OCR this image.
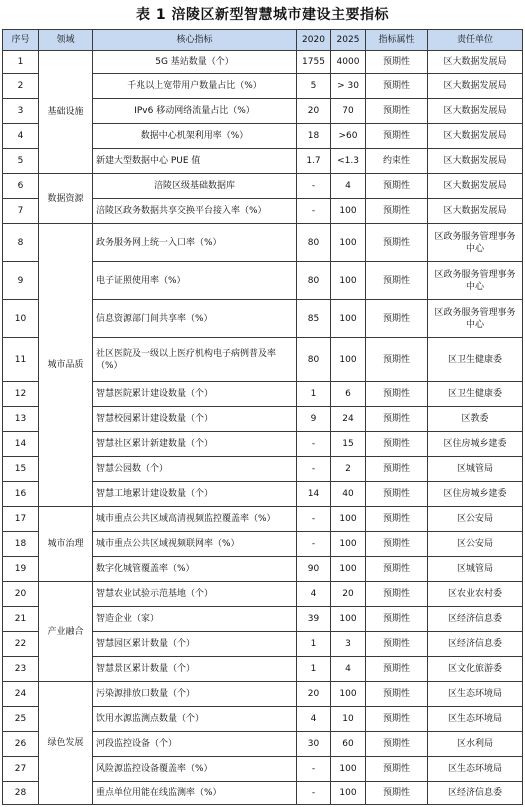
表 1 涪陵区新型智慧城市建设主要指标
序号	领域	核心指标	2020	2025	指标属性	责任单位
1	基础设施	5G 基站数量（个）	1755	4000	预期性	区大数据发展局
2		千兆以上宽带用户数量占比（%）	5	> 30	预期性	区大数据发展局
3		IPv6 移动网络流量占比（%）	20	70	预期性	区大数据发展局
4		数据中心机架利用率（%）	18	>60	预期性	区大数据发展局
5		新建大型数据中心 PUE 值	1.7	<1.3	约束性	区大数据发展局
6	数据资源	涪陵区级基础数据库	-	4	预期性	区大数据发展局
7		涪陵区政务数据共享交换平台接入率（%）	-	100	预期性	区大数据发展局
8	城市品质	政务服务网上统一入口率（%）	80	100	预期性	区政务服务管理事务中心
9		电子证照使用率（%）	80	100	预期性	区政务服务管理事务中心
10		信息资源部门间共享率（%）	85	100	预期性	区政务服务管理事务中心
11		社区医院及一级以上医疗机构电子病例普及率（%）	80	100	预期性	区卫生健康委
12		智慧医院累计建设数量（个）	1	6	预期性	区卫生健康委
13		智慧校园累计建设数量（个）	9	24	预期性	区教委
14		智慧社区累计新建数量（个）	-	15	预期性	区住房城乡建委
15		智慧公园数（个）	-	2	预期性	区城管局
16		智慧工地累计建设数量（个）	14	40	预期性	区住房城乡建委
17	城市治理	城市重点公共区域高清视频监控覆盖率（%）	-	100	预期性	区公安局
18		城市重点公共区域视频联网率（%）	-	100	预期性	区公安局
19		数字化城管覆盖率（%）	90	100	预期性	区城管局
20	产业融合	智慧农业试验示范基地（个）	4	20	预期性	区农业农村委
21		智造企业（家）	39	100	预期性	区经济信息委
22		智慧园区累计数量（个）	1	3	预期性	区经济信息委
23		智慧景区累计数量（个）	1	4	预期性	区文化旅游委
24	绿色发展	污染源排放口数量（个）	20	100	预期性	区生态环境局
25		饮用水源监测点数量（个）	4	10	预期性	区生态环境局
26		河段监控设备（个）	30	60	预期性	区水利局
27		风险源监控设备覆盖率（%）	-	100	预期性	区生态环境局
28		重点单位用能在线监测率（%）	-	100	预期性	区经济信息委
